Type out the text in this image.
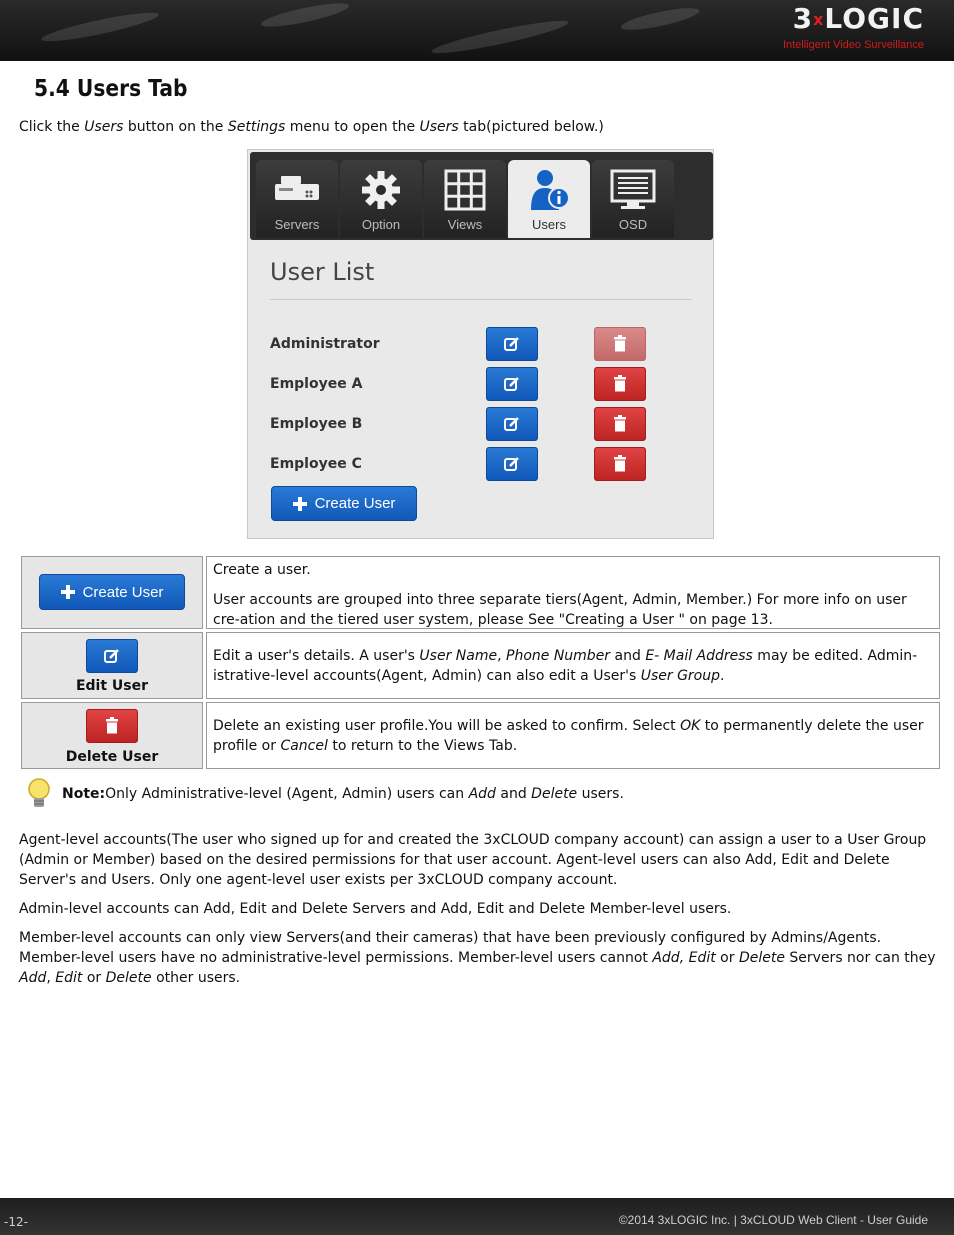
3xLOGIC
Intelligent Video Surveillance
5.4 Users Tab
Click the Users button on the Settings menu to open the Users tab(pictured below.)
Servers	Option	Views	Users	OSD
User List
Administrator
Employee A
Employee B
Employee C
Create User
Create User

Create a user.

User accounts are grouped into three separate tiers(Agent, Admin, Member.) For more info on user cre-ation and the tiered user system, please See "Creating a User " on page 13.

Edit User
Edit a user's details. A user's User Name, Phone Number and E- Mail Address may be edited. Admin-istrative-level accounts(Agent, Admin) can also edit a User's User Group.
Delete User
Delete an existing user profile.You will be asked to confirm. Select OK to permanently delete the user profile or Cancel to return to the Views Tab.
Note:Only Administrative-level (Agent, Admin) users can Add and Delete users.
Agent-level accounts(The user who signed up for and created the 3xCLOUD company account) can assign a user to a User Group (Admin or Member) based on the desired permissions for that user account. Agent-level users can also Add, Edit and Delete Server's and Users. Only one agent-level user exists per 3xCLOUD company account.
Admin-level accounts can Add, Edit and Delete Servers and Add, Edit and Delete Member-level users.
Member-level accounts can only view Servers(and their cameras) that have been previously configured by Admins/Agents. Member-level users have no administrative-level permissions. Member-level users cannot Add, Edit or Delete Servers nor can they Add, Edit or Delete other users.
-12-	©2014 3xLOGIC Inc. | 3xCLOUD Web Client - User Guide
